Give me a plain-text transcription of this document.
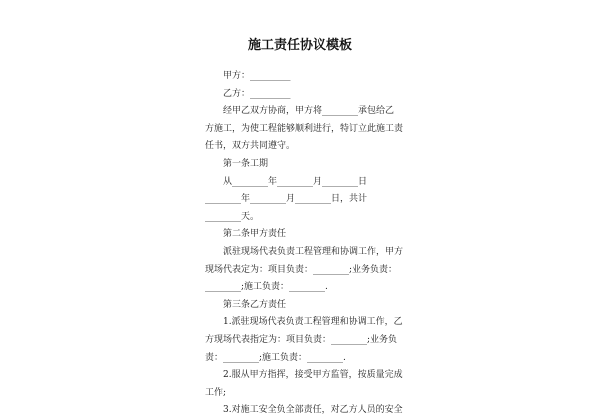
施工责任协议模板
甲方：_________
乙方：_________
经甲乙双方协商，甲方将________承包给乙
方施工，为使工程能够顺利进行，特订立此施工责
任书，双方共同遵守。
第一条工期
从________年________月________日
________年________月________日，共计
________天。
第二条甲方责任
派驻现场代表负责工程管理和协调工作，甲方
现场代表定为：项目负责：________;业务负责：
________;施工负责：________.
第三条乙方责任
1.派驻现场代表负责工程管理和协调工作，乙
方现场代表指定为：项目负责：________;业务负
责：________;施工负责：________.
2.服从甲方指挥，接受甲方监管，按质量完成
工作;
3.对施工安全负全部责任，对乙方人员的安全
